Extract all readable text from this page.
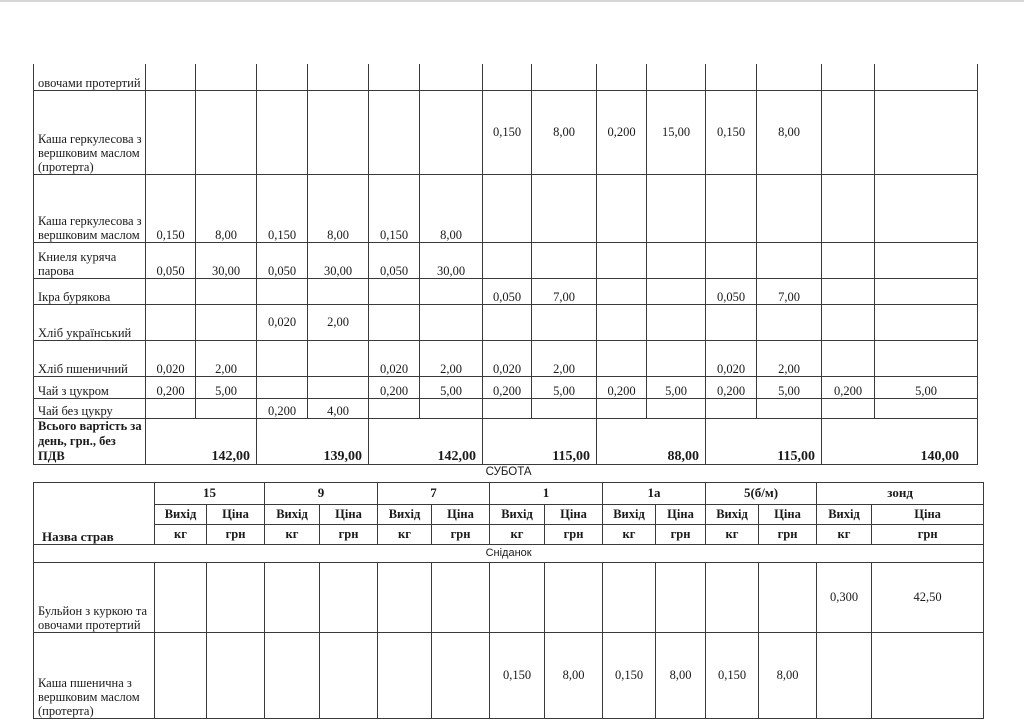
овочами протертий														
Каша геркулесова з вершковим маслом (протерта)							0,150	8,00	0,200	15,00	0,150	8,00		
Каша геркулесова з вершковим маслом	0,150	8,00	0,150	8,00	0,150	8,00								
Книеля куряча парова	0,050	30,00	0,050	30,00	0,050	30,00								
Ікра бурякова							0,050	7,00			0,050	7,00		
Хліб український			0,020	2,00										
Хліб пшеничний	0,020	2,00			0,020	2,00	0,020	2,00			0,020	2,00		
Чай з цукром	0,200	5,00			0,200	5,00	0,200	5,00	0,200	5,00	0,200	5,00	0,200	5,00
Чай без цукру			0,200	4,00										
Всього вартість за день, грн., без ПДВ	142,00		139,00		142,00		115,00		88,00		115,00		140,00	
СУБОТА														
Назва страв	15		9		7		1		1а		5(б/м)		зонд	
	Вихід	Ціна	Вихід	Ціна	Вихід	Ціна	Вихід	Ціна	Вихід	Ціна	Вихід	Ціна	Вихід	Ціна
	кг	грн	кг	грн	кг	грн	кг	грн	кг	грн	кг	грн	кг	грн
Сніданок														
Бульйон з куркою та овочами протертий													0,300	42,50
Каша пшенична з вершковим маслом (протерта)							0,150	8,00	0,150	8,00	0,150	8,00		
